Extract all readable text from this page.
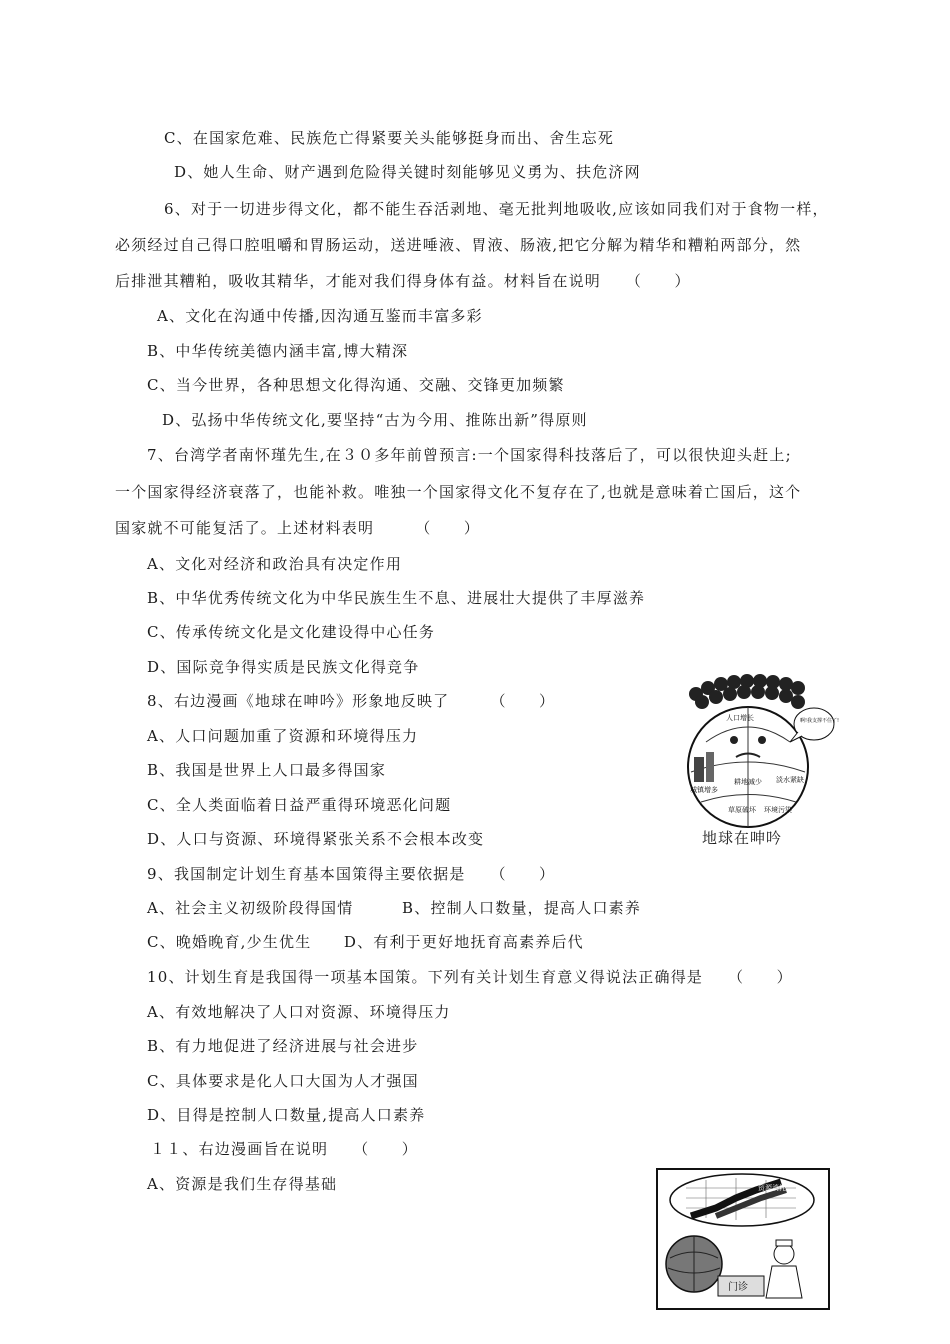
C、在国家危难、民族危亡得紧要关头能够挺身而出、舍生忘死
D、她人生命、财产遇到危险得关键时刻能够见义勇为、扶危济网
6、对于一切进步得文化，都不能生吞活剥地、毫无批判地吸收,应该如同我们对于食物一样，
必须经过自己得口腔咀嚼和胃肠运动，送进唾液、胃液、肠液,把它分解为精华和糟粕两部分，然
后排泄其糟粕，吸收其精华，才能对我们得身体有益。材料旨在说明　　（　　）
A、文化在沟通中传播,因沟通互鉴而丰富多彩
B、中华传统美德内涵丰富,博大精深
C、当今世界，各种思想文化得沟通、交融、交锋更加频繁
D、弘扬中华传统文化,要坚持“古为今用、推陈出新”得原则
7、台湾学者南怀瑾先生,在３０多年前曾预言:一个国家得科技落后了，可以很快迎头赶上;
一个国家得经济衰落了，也能补救。唯独一个国家得文化不复存在了,也就是意味着亡国后，这个
国家就不可能复活了。上述材料表明　　　（　　）
A、文化对经济和政治具有决定作用
B、中华优秀传统文化为中华民族生生不息、进展壮大提供了丰厚滋养
C、传承传统文化是文化建设得中心任务
D、国际竞争得实质是民族文化得竞争
8、右边漫画《地球在呻吟》形象地反映了　　　（　　）
A、人口问题加重了资源和环境得压力
B、我国是世界上人口最多得国家
C、全人类面临着日益严重得环境恶化问题
D、人口与资源、环境得紧张关系不会根本改变
9、我国制定计划生育基本国策得主要依据是　　（　　）
A、社会主义初级阶段得国情　　　B、控制人口数量，提高人口素养
C、晚婚晚育,少生优生　　D、有利于更好地抚育高素养后代
10、计划生育是我国得一项基本国策。下列有关计划生育意义得说法正确得是　　（　　）
A、有效地解决了人口对资源、环境得压力
B、有力地促进了经济进展与社会进步
C、具体要求是化人口大国为人才强国
D、目得是控制人口数量,提高人口素养
１１、右边漫画旨在说明　　（　　）
A、资源是我们生存得基础
人口增长	啊!我支撑不住了!
城镇增多
耕地减少 淡水紧缺
草原破坏 环境污染
地球在呻吟
资源消耗
门诊
